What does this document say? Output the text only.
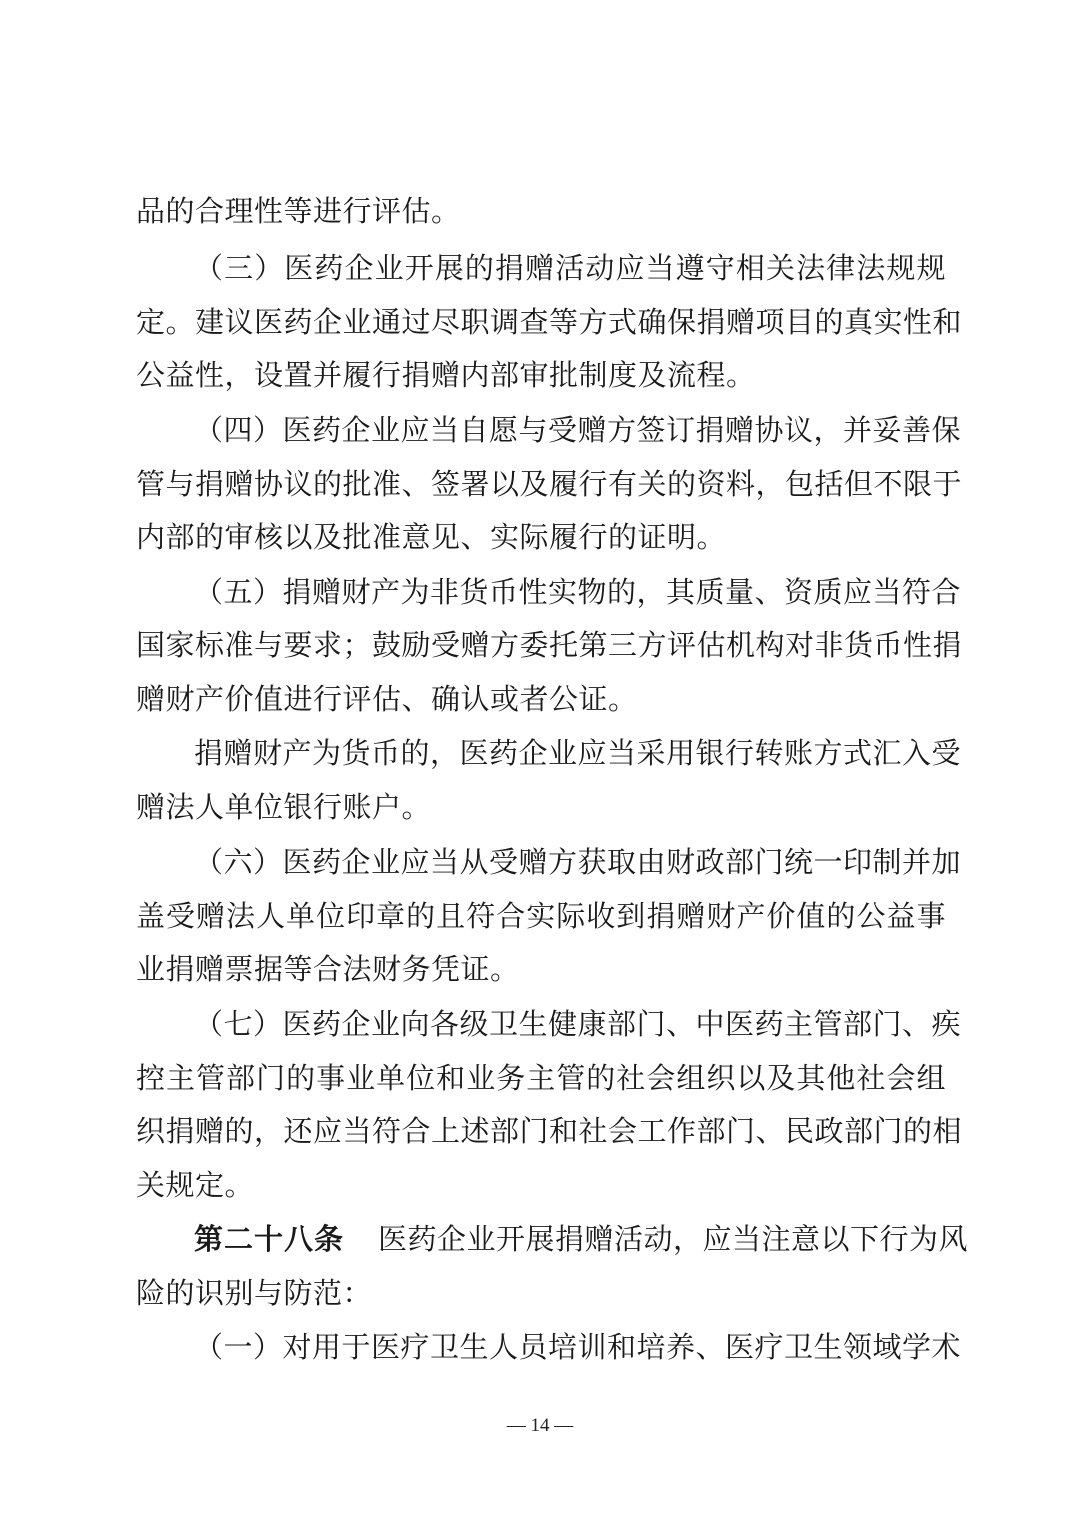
品的合理性等进行评估。
（三）医药企业开展的捐赠活动应当遵守相关法律法规规
定。建议医药企业通过尽职调查等方式确保捐赠项目的真实性和
公益性，设置并履行捐赠内部审批制度及流程。
（四）医药企业应当自愿与受赠方签订捐赠协议，并妥善保
管与捐赠协议的批准、签署以及履行有关的资料，包括但不限于
内部的审核以及批准意见、实际履行的证明。
（五）捐赠财产为非货币性实物的，其质量、资质应当符合
国家标准与要求；鼓励受赠方委托第三方评估机构对非货币性捐
赠财产价值进行评估、确认或者公证。
捐赠财产为货币的，医药企业应当采用银行转账方式汇入受
赠法人单位银行账户。
（六）医药企业应当从受赠方获取由财政部门统一印制并加
盖受赠法人单位印章的且符合实际收到捐赠财产价值的公益事
业捐赠票据等合法财务凭证。
（七）医药企业向各级卫生健康部门、中医药主管部门、疾
控主管部门的事业单位和业务主管的社会组织以及其他社会组
织捐赠的，还应当符合上述部门和社会工作部门、民政部门的相
关规定。
第二十八条 医药企业开展捐赠活动，应当注意以下行为风
险的识别与防范：
（一）对用于医疗卫生人员培训和培养、医疗卫生领域学术
— 14 —
